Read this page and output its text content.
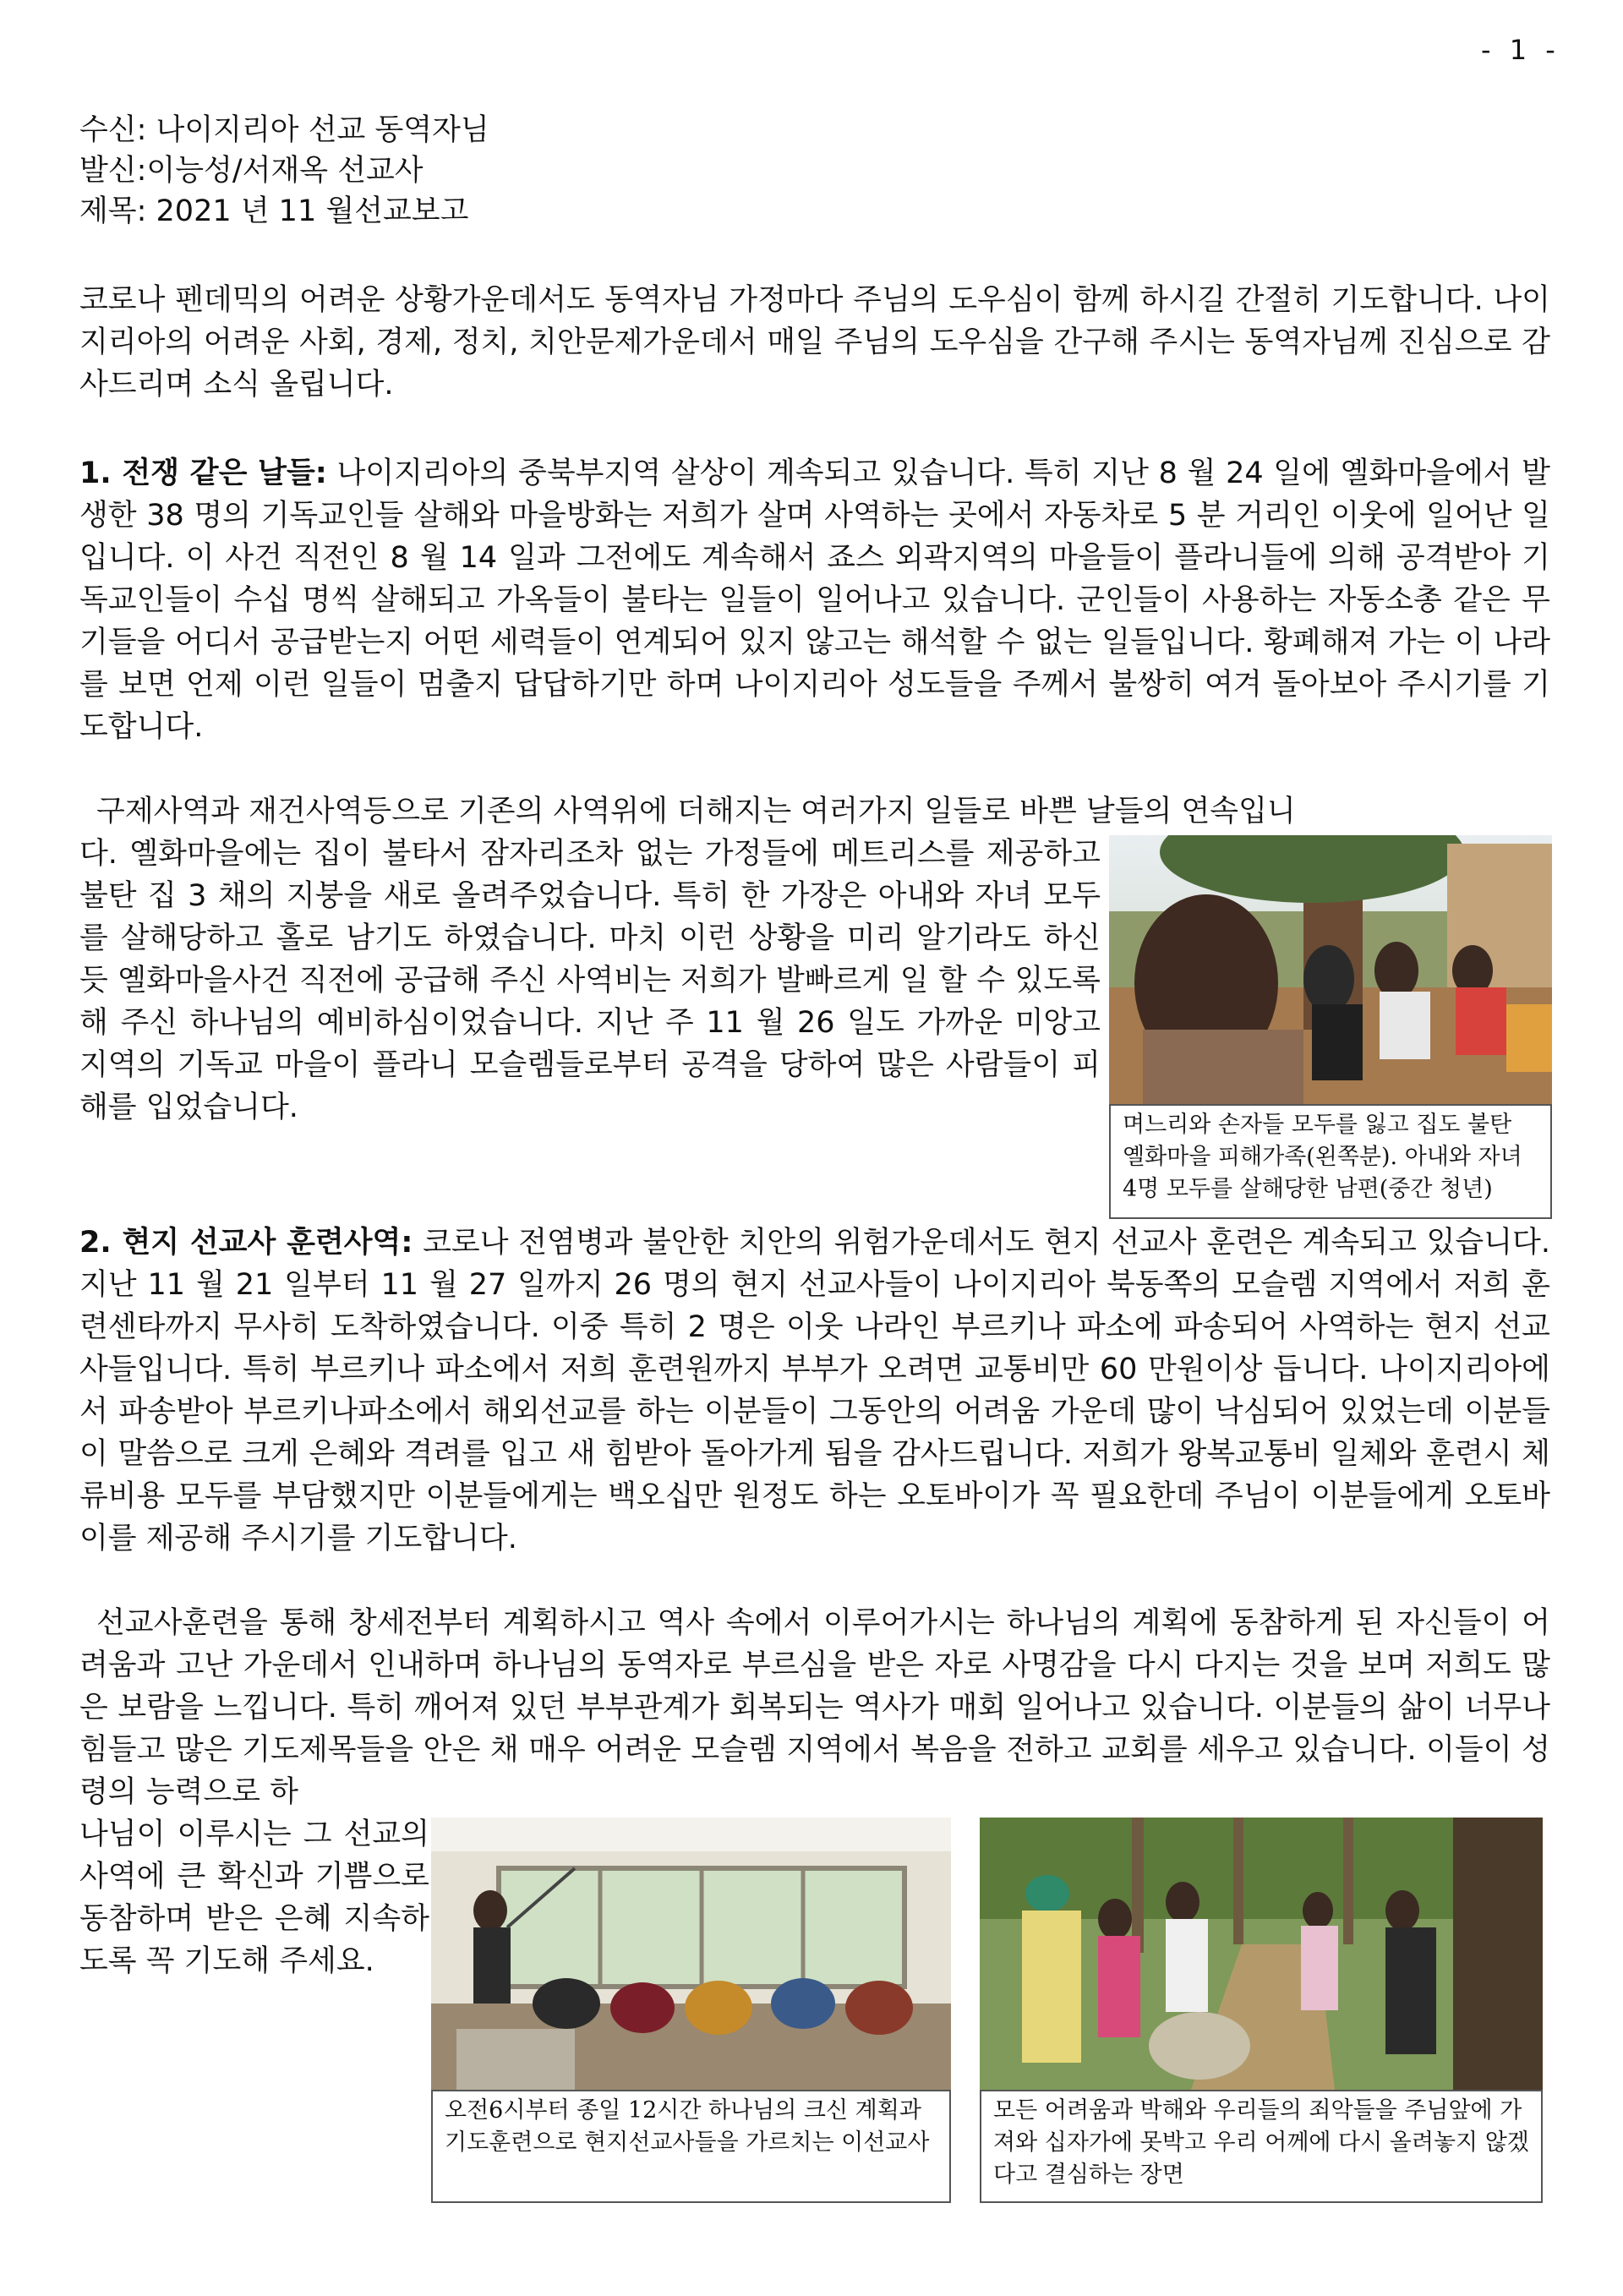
- 1 -
수신: 나이지리아 선교 동역자님
발신:이능성/서재옥 선교사
제목: 2021 년 11 월선교보고

코로나 펜데믹의 어려운 상황가운데서도 동역자님 가정마다 주님의 도우심이 함께 하시길 간절히 기도합니다. 나이지리아의 어려운 사회, 경제, 정치, 치안문제가운데서 매일 주님의 도우심을 간구해 주시는 동역자님께 진심으로 감사드리며 소식 올립니다.

1. 전쟁 같은 날들: 나이지리아의 중북부지역 살상이 계속되고 있습니다. 특히 지난 8 월 24 일에 옐화마을에서 발생한 38 명의 기독교인들 살해와 마을방화는 저희가 살며 사역하는 곳에서 자동차로 5 분 거리인 이웃에 일어난 일입니다. 이 사건 직전인 8 월 14 일과 그전에도 계속해서 죠스 외곽지역의 마을들이 플라니들에 의해 공격받아 기독교인들이 수십 명씩 살해되고 가옥들이 불타는 일들이 일어나고 있습니다. 군인들이 사용하는 자동소총 같은 무기들을 어디서 공급받는지 어떤 세력들이 연계되어 있지 않고는 해석할 수 없는 일들입니다. 황폐해져 가는 이 나라를 보면 언제 이런 일들이 멈출지 답답하기만 하며 나이지리아 성도들을 주께서 불쌍히 여겨 돌아보아 주시기를 기도합니다.

구제사역과 재건사역등으로 기존의 사역위에 더해지는 여러가지 일들로 바쁜 날들의 연속입니

다. 옐화마을에는 집이 불타서 잠자리조차 없는 가정들에 메트리스를 제공하고 불탄 집 3 채의 지붕을 새로 올려주었습니다. 특히 한 가장은 아내와 자녀 모두를 살해당하고 홀로 남기도 하였습니다. 마치 이런 상황을 미리 알기라도 하신 듯 옐화마을사건 직전에 공급해 주신 사역비는 저희가 발빠르게 일 할 수 있도록 해 주신 하나님의 예비하심이었습니다. 지난 주 11 월 26 일도 가까운 미앙고 지역의 기독교 마을이 플라니 모슬렘들로부터 공격을 당하여 많은 사람들이 피해를 입었습니다.

며느리와 손자들 모두를 잃고 집도 불탄 옐화마을 피해가족(왼쪽분). 아내와 자녀 4명 모두를 살해당한 남편(중간 청년)

2. 현지 선교사 훈련사역: 코로나 전염병과 불안한 치안의 위험가운데서도 현지 선교사 훈련은 계속되고 있습니다. 지난 11 월 21 일부터 11 월 27 일까지 26 명의 현지 선교사들이 나이지리아 북동쪽의 모슬렘 지역에서 저희 훈련센타까지 무사히 도착하였습니다. 이중 특히 2 명은 이웃 나라인 부르키나 파소에 파송되어 사역하는 현지 선교사들입니다. 특히 부르키나 파소에서 저희 훈련원까지 부부가 오려면 교통비만 60 만원이상 듭니다. 나이지리아에서 파송받아 부르키나파소에서 해외선교를 하는 이분들이 그동안의 어려움 가운데 많이 낙심되어 있었는데 이분들이 말씀으로 크게 은혜와 격려를 입고 새 힘받아 돌아가게 됨을 감사드립니다. 저희가 왕복교통비 일체와 훈련시 체류비용 모두를 부담했지만 이분들에게는 백오십만 원정도 하는 오토바이가 꼭 필요한데 주님이 이분들에게 오토바이를 제공해 주시기를 기도합니다.

선교사훈련을 통해 창세전부터 계획하시고 역사 속에서 이루어가시는 하나님의 계획에 동참하게 된 자신들이 어려움과 고난 가운데서 인내하며 하나님의 동역자로 부르심을 받은 자로 사명감을 다시 다지는 것을 보며 저희도 많은 보람을 느낍니다. 특히 깨어져 있던 부부관계가 회복되는 역사가 매회 일어나고 있습니다. 이분들의 삶이 너무나 힘들고 많은 기도제목들을 안은 채 매우 어려운 모슬렘 지역에서 복음을 전하고 교회를 세우고 있습니다. 이들이 성령의 능력으로 하

나님이 이루시는 그 선교의 사역에 큰 확신과 기쁨으로 동참하며 받은 은혜 지속하도록 꼭 기도해 주세요.

오전6시부터 종일 12시간 하나님의 크신 계획과 기도훈련으로 현지선교사들을 가르치는 이선교사
모든 어려움과 박해와 우리들의 죄악들을 주님앞에 가져와 십자가에 못박고 우리 어께에 다시 올려놓지 않겠다고 결심하는 장면
